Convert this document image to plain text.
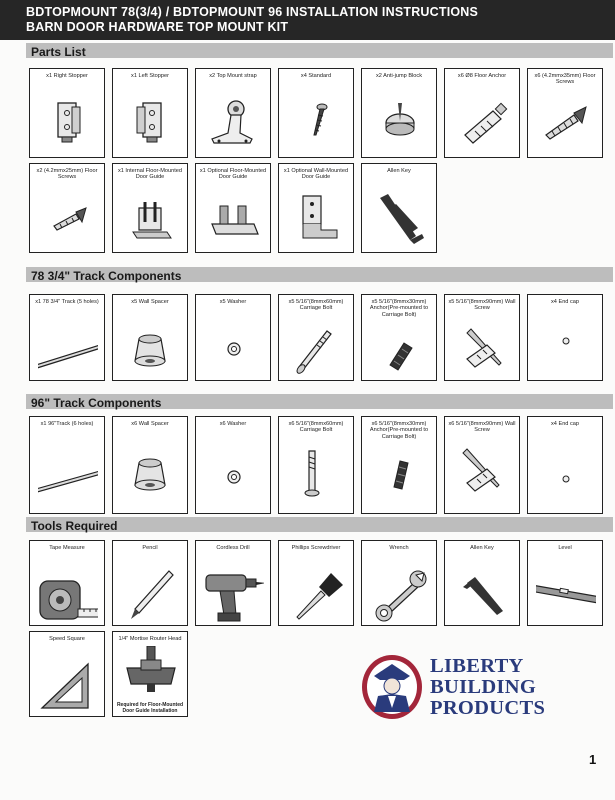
BDTOPMOUNT 78(3/4) / BDTOPMOUNT 96 INSTALLATION INSTRUCTIONS
BARN DOOR HARDWARE TOP MOUNT KIT
Parts List
x1 Right Stopper	x1 Left Stopper	x2 Top Mount strap	x4 Standard	x2 Anti-jump Block	x6 Ø8 Floor Anchor	x6 (4.2mmx35mm) Floor Screws
x2 (4.2mmx25mm) Floor Screws
x1 Internal Floor-Mounted Door Guide
x1 Optional Floor-Mounted Door Guide
x1 Optional Wall-Mounted Door Guide
Allen Key
78 3/4" Track Components
x1 78 3/4" Track (5 holes)	x5 Wall Spacer	x5 Washer	x5 5/16"(8mmx60mm) Carriage Bolt
x5 5/16"(8mmx30mm) Anchor(Pre-mounted to Carriage Bolt)
x5 5/16"(8mmx90mm) Wall Screw
x4 End cap
96" Track Components
x1 96"Track (6 holes)	x6 Wall Spacer	x6 Washer	x6 5/16"(8mmx60mm) Carriage Bolt
x6 5/16"(8mmx30mm) Anchor(Pre-mounted to Carriage Bolt)
x6 5/16"(8mmx90mm) Wall Screw
x4 End cap
Tools Required
Tape Measure	Pencil	Cordless Drill	Phillips Screwdriver	Wrench	Allen Key	Level
Speed Square	1/4" Mortise Router Head
Required for Floor-Mounted Door Guide Installation
LIBERTY
BUILDING
PRODUCTS
1
